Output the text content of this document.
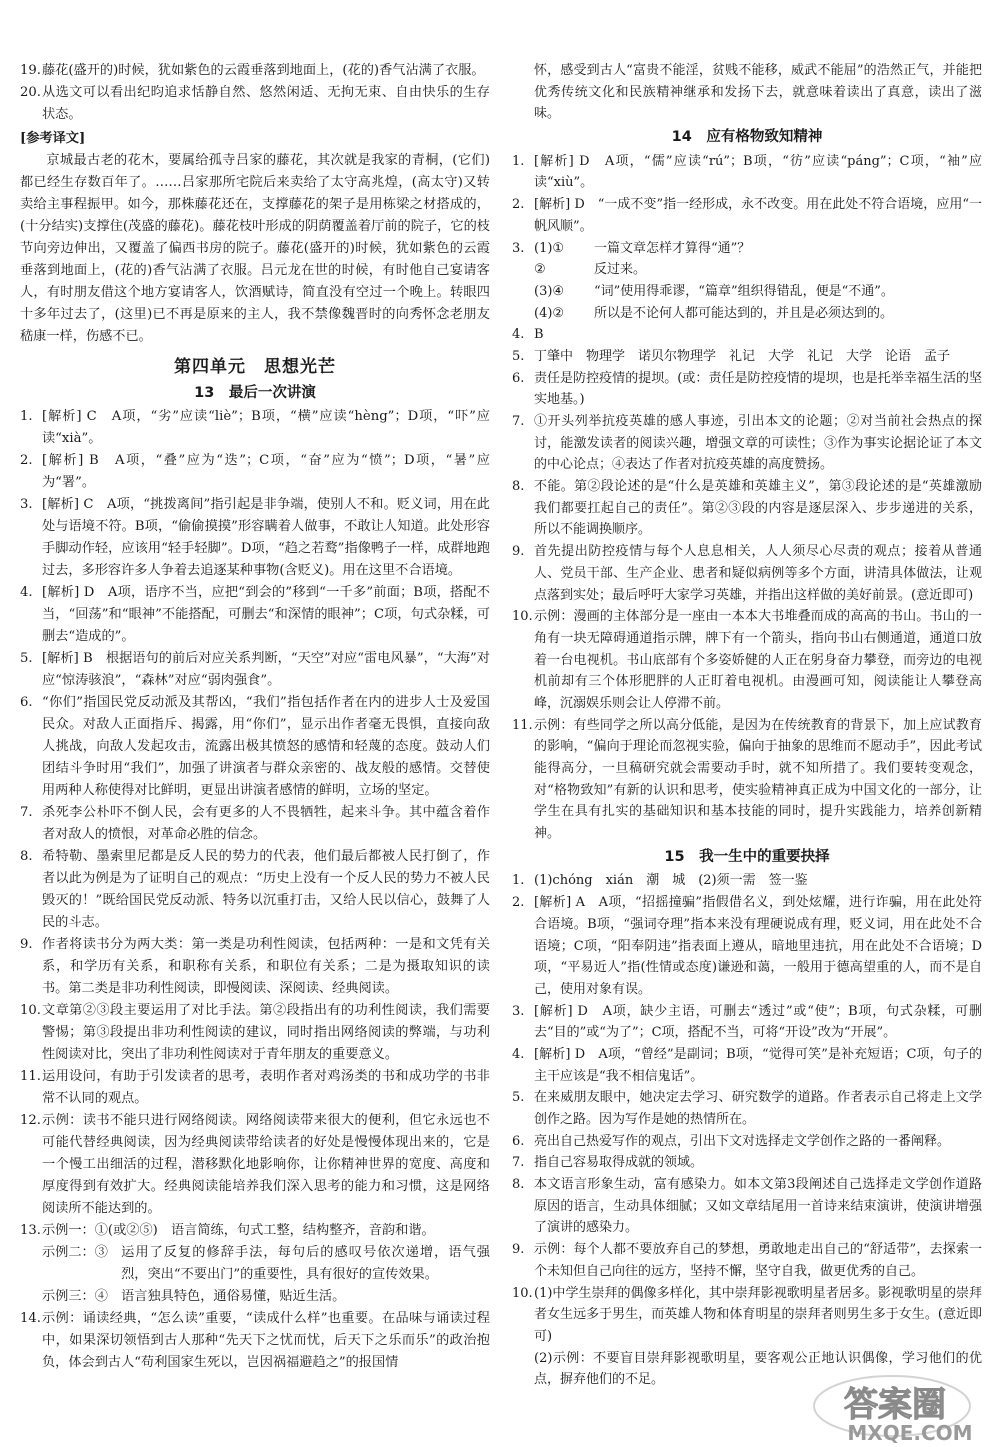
19. 藤花(盛开的)时候，犹如紫色的云霞垂落到地面上，(花的)香气沾满了衣服。
20. 从选文可以看出纪昀追求恬静自然、悠然闲适、无拘无束、自由快乐的生存状态。
[参考译文]
京城最古老的花木，要属给孤寺吕家的藤花，其次就是我家的青桐，(它们)都已经生存数百年了。……吕家那所宅院后来卖给了太守高兆煌，(高太守)又转卖给主事程振甲。如今，那株藤花还在，支撑藤花的架子是用栋梁之材搭成的，(十分结实)支撑住(茂盛的藤花)。藤花枝叶形成的阴荫覆盖着厅前的院子，它的枝节向旁边伸出，又覆盖了偏西书房的院子。藤花(盛开的)时候，犹如紫色的云霞垂落到地面上，(花的)香气沾满了衣服。吕元龙在世的时候，有时他自己宴请客人，有时朋友借这个地方宴请客人，饮酒赋诗，简直没有空过一个晚上。转眼四十多年过去了，(这里)已不再是原来的主人，我不禁像魏晋时的向秀怀念老朋友嵇康一样，伤感不已。
第四单元　思想光芒
13　最后一次讲演
1. [解析] C　A项，“劣”应读“liè”；B项，“横”应读“hèng”；D项，“吓”应读“xià”。
2. [解析] B　A项，“叠”应为“迭”；C项，“奋”应为“愤”；D项，“暑”应为“署”。
3. [解析] C　A项，“挑拨离间”指引起是非争端，使别人不和。贬义词，用在此处与语境不符。B项，“偷偷摸摸”形容瞒着人做事，不敢让人知道。此处形容手脚动作轻，应该用“轻手轻脚”。D项，“趋之若鹜”指像鸭子一样，成群地跑过去，多形容许多人争着去追逐某种事物(含贬义)。用在这里不合语境。
4. [解析] D　A项，语序不当，应把“到会的”移到“一千多”前面；B项，搭配不当，“回荡”和“眼神”不能搭配，可删去“和深情的眼神”；C项，句式杂糅，可删去“造成的”。
5. [解析] B　根据语句的前后对应关系判断，“天空”对应“雷电风暴”，“大海”对应“惊涛骇浪”，“森林”对应“弱肉强食”。
6. “你们”指国民党反动派及其帮凶，“我们”指包括作者在内的进步人士及爱国民众。对敌人正面指斥、揭露，用“你们”，显示出作者毫无畏惧，直接向敌人挑战，向敌人发起攻击，流露出极其愤怒的感情和轻蔑的态度。鼓动人们团结斗争时用“我们”，加强了讲演者与群众亲密的、战友般的感情。交替使用两种人称使得对比鲜明，更显出讲演者感情的鲜明，立场的坚定。
7. 杀死李公朴吓不倒人民，会有更多的人不畏牺牲，起来斗争。其中蕴含着作者对敌人的愤恨，对革命必胜的信念。
8. 希特勒、墨索里尼都是反人民的势力的代表，他们最后都被人民打倒了，作者以此为例是为了证明自己的观点：“历史上没有一个反人民的势力不被人民毁灭的！”既给国民党反动派、特务以沉重打击，又给人民以信心，鼓舞了人民的斗志。
9. 作者将读书分为两大类：第一类是功利性阅读，包括两种：一是和文凭有关系，和学历有关系，和职称有关系，和职位有关系；二是为摄取知识的读书。第二类是非功利性阅读，即慢阅读、深阅读、经典阅读。
10. 文章第②③段主要运用了对比手法。第②段指出有的功利性阅读，我们需要警惕；第③段提出非功利性阅读的建议，同时指出网络阅读的弊端，与功利性阅读对比，突出了非功利性阅读对于青年朋友的重要意义。
11. 运用设问，有助于引发读者的思考，表明作者对鸡汤类的书和成功学的书非常不认同的观点。
12. 示例：读书不能只进行网络阅读。网络阅读带来很大的便利，但它永远也不可能代替经典阅读，因为经典阅读带给读者的好处是慢慢体现出来的，它是一个慢工出细活的过程，潜移默化地影响你，让你精神世界的宽度、高度和厚度得到有效扩大。经典阅读能培养我们深入思考的能力和习惯，这是网络阅读所不能达到的。
13. 示例一：①(或②⑤)　 语言简练，句式工整，结构整齐，音韵和谐。
示例二：③　 运用了反复的修辞手法，每句后的感叹号依次递增，语气强烈，突出“不要出门”的重要性，具有很好的宣传效果。
示例三：④　 语言独具特色，通俗易懂，贴近生活。
14. 示例：诵读经典，“怎么读”重要，“读成什么样”也重要。在品味与诵读过程中，如果深切领悟到古人那种“先天下之忧而忧，后天下之乐而乐”的政治抱负，体会到古人“苟利国家生死以，岂因祸福避趋之”的报国情
怀，感受到古人“富贵不能淫，贫贱不能移，威武不能屈”的浩然正气，并能把优秀传统文化和民族精神继承和发扬下去，就意味着读出了真意，读出了滋味。
14　应有格物致知精神
1. [解析] D　A项，“儒”应读“rú”；B项，“彷”应读“páng”；C项，“袖”应读“xiù”。
2. [解析] D　“一成不变”指一经形成，永不改变。用在此处不符合语境，应用“一帆风顺”。
3. (1)①　	一篇文章怎样才算得“通”？
②　	反过来。
(3)④　	“词”使用得乖谬，“篇章”组织得错乱，便是“不通”。
(4)②　	所以是不论何人都可能达到的，并且是必须达到的。
4. B
5. 丁肇中　物理学　诺贝尔物理学　礼记　大学　礼记　大学　论语　孟子
6. 责任是防控疫情的提坝。(或：责任是防控疫情的堤坝，也是托举幸福生活的坚实地基。)
7. ①开头列举抗疫英雄的感人事迹，引出本文的论题；②对当前社会热点的探讨，能激发读者的阅读兴趣，增强文章的可读性；③作为事实论据论证了本文的中心论点；④表达了作者对抗疫英雄的高度赞扬。
8. 不能。第②段论述的是“什么是英雄和英雄主义”，第③段论述的是“英雄激励我们都要扛起自己的责任”。第②③段的内容是逐层深入、步步递进的关系，所以不能调换顺序。
9. 首先提出防控疫情与每个人息息相关，人人须尽心尽责的观点；接着从普通人、党员干部、生产企业、患者和疑似病例等多个方面，讲清具体做法，让观点落到实处；最后呼吁大家学习英雄，并指出这样做的美好前景。(意近即可)
10. 示例：漫画的主体部分是一座由一本本大书堆叠而成的高高的书山。书山的一角有一块无障碍通道指示牌，牌下有一个箭头，指向书山右侧通道，通道口放着一台电视机。书山底部有个多姿娇健的人正在躬身奋力攀登，而旁边的电视机前却有三个体形肥胖的人正盯着电视机。由漫画可知，阅读能让人攀登高峰，沉溺娱乐则会让人停滞不前。
11. 示例：有些同学之所以高分低能，是因为在传统教育的背景下，加上应试教育的影响，“偏向于理论而忽视实验，偏向于抽象的思维而不愿动手”，因此考试能得高分，一旦稿研究就会需要动手时，就不知所措了。我们要转变观念，对“格物致知”有新的认识和思考，使实验精神真正成为中国文化的一部分，让学生在具有扎实的基础知识和基本技能的同时，提升实践能力，培养创新精神。
15　我一生中的重要抉择
1. (1)chóng　xián　潮　城　(2)须一需　签一鉴
2. [解析] A　A项，“招摇撞骗”指假借名义，到处炫耀，进行诈骗，用在此处符合语境。B项，“强词夺理”指本来没有理硬说成有理，贬义词，用在此处不合语境；C项，“阳奉阴违”指表面上遵从，暗地里违抗，用在此处不合语境；D项，“平易近人”指(性情或态度)谦逊和蔼，一般用于德高望重的人，而不是自己，使用对象有误。
3. [解析] D　A项，缺少主语，可删去“透过”或“使”；B项，句式杂糅，可删去“目的”或“为了”；C项，搭配不当，可将“开设”改为“开展”。
4. [解析] D　A项，“曾经”是副词；B项，“觉得可笑”是补充短语；C项，句子的主干应该是“我不相信鬼话”。
5. 在来威朋友眼中，她决定去学习、研究数学的道路。作者表示自己将走上文学创作之路。因为写作是她的热情所在。
6. 亮出自己热爱写作的观点，引出下文对选择走文学创作之路的一番阐释。
7. 指自己容易取得成就的领域。
8. 本文语言形象生动，富有感染力。如本文第3段阐述自己选择走文学创作道路原因的语言，生动具体细腻；又如文章结尾用一首诗来结束演讲，使演讲增强了演讲的感染力。
9. 示例：每个人都不要放弃自己的梦想，勇敢地走出自己的“舒适带”，去探索一个未知但自己向往的远方，坚持不懈，坚守自我，做更优秀的自己。
10. (1)中学生崇拜的偶像多样化，其中崇拜影视歌明星者居多。影视歌明星的崇拜者女生远多于男生，而英雄人物和体育明星的崇拜者则男生多于女生。(意近即可)
(2)示例：不要盲目崇拜影视歌明星，要客观公正地认识偶像，学习他们的优点，摒弃他们的不足。
答案圈
MXQE.COM
